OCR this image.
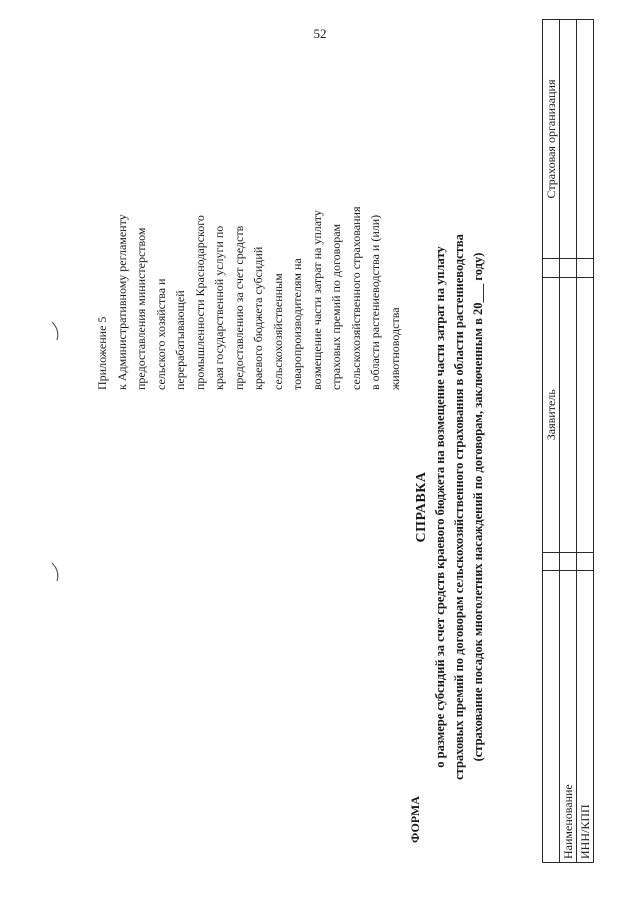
52
Приложение 5 к Административному регламенту предоставления министерством сельского хозяйства и перерабатывающей промышленности Краснодарского края государственной услуги по предоставлению за счет средств краевого бюджета субсидий сельскохозяйственным товаропроизводителям на возмещение части затрат на уплату страховых премий по договорам сельскохозяйственного страхования в области растениеводства и (или) животноводства
ФОРМА
СПРАВКА о размере субсидий за счет средств краевого бюджета на возмещение части затрат на уплату страховых премий по договорам сельскохозяйственного страхования в области растениеводства (страхование посадок многолетних насаждений по договорам, заключенным в 20___ году)
			Заявитель		Страховая организация
Наименование				
ИНН/КПП				
